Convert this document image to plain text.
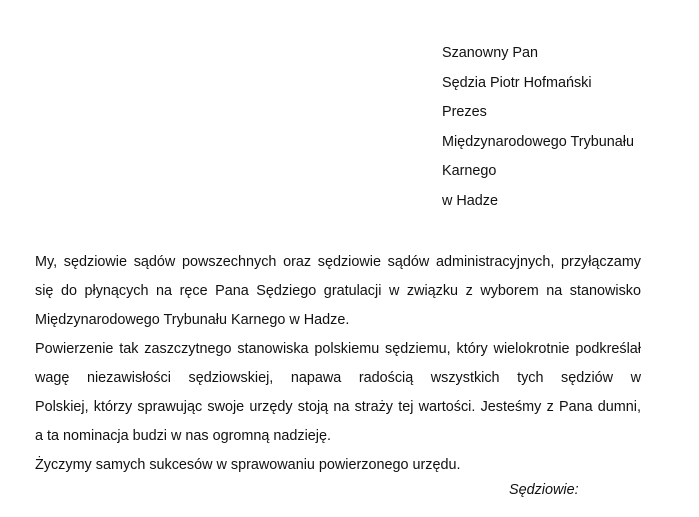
Szanowny Pan
Sędzia Piotr Hofmański
Prezes
Międzynarodowego Trybunału
Karnego
w Hadze
My, sędziowie sądów powszechnych oraz sędziowie sądów administracyjnych, przyłączamy
się do płynących na ręce Pana Sędziego gratulacji w związku z wyborem na stanowisko
Międzynarodowego Trybunału Karnego w Hadze.
Powierzenie tak zaszczytnego stanowiska polskiemu sędziemu, który wielokrotnie podkreślał
wagę niezawisłości sędziowskiej, napawa radością wszystkich tych sędziów w
Polskiej, którzy sprawując swoje urzędy stoją na straży tej wartości. Jesteśmy z Pana dumni,
a ta nominacja budzi w nas ogromną nadzieję.
Życzymy samych sukcesów w sprawowaniu powierzonego urzędu.
Sędziowie:
